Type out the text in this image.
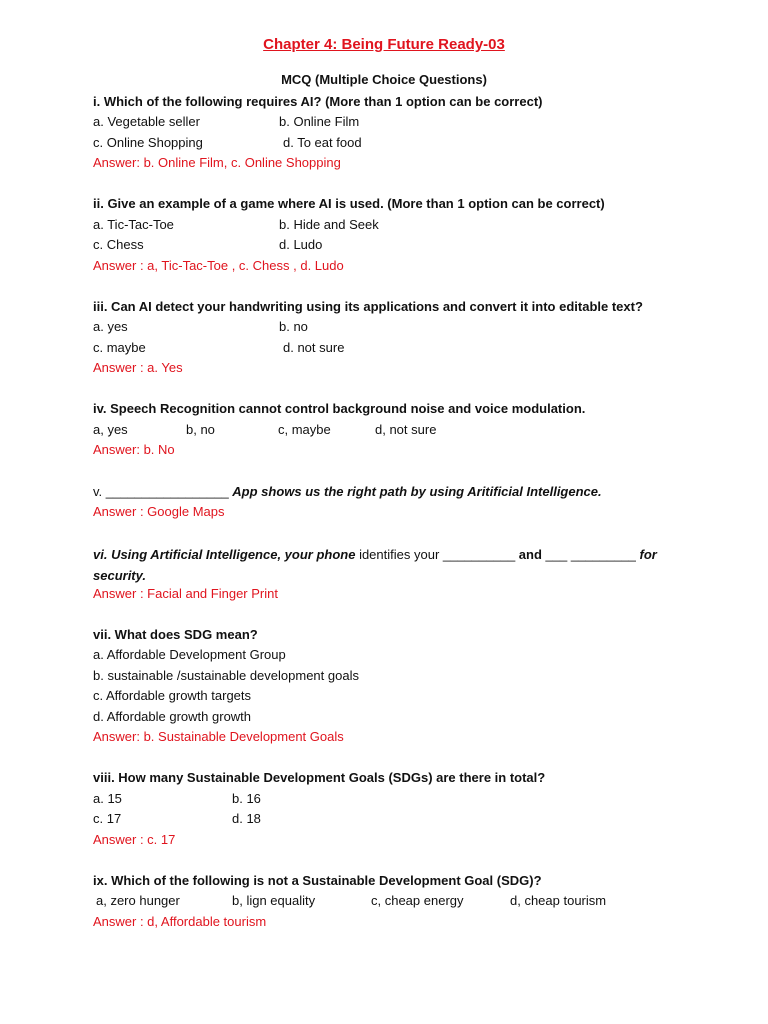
Chapter 4: Being Future Ready-03
MCQ (Multiple Choice Questions)
i. Which of the following requires AI? (More than 1 option can be correct)
a. Vegetable seller	b. Online Film
c. Online Shopping	d. To eat food
Answer: b. Online Film, c. Online Shopping
ii. Give an example of a game where AI is used. (More than 1 option can be correct)
a. Tic-Tac-Toe	b. Hide and Seek
c. Chess	d. Ludo
Answer : a, Tic-Tac-Toe , c. Chess , d. Ludo
iii. Can AI detect your handwriting using its applications and convert it into editable text?
a. yes	b. no
c. maybe	d. not sure
Answer : a. Yes
iv. Speech Recognition cannot control background noise and voice modulation.
a, yes	b, no	c, maybe	d, not sure
Answer: b. No
v. _________________ App shows us the right path by using Aritificial Intelligence.
Answer : Google Maps
vi. Using Artificial Intelligence, your phone identifies your __________ and ___ _________ for security.
Answer : Facial and Finger Print
vii. What does SDG mean?
a. Affordable Development Group
b. sustainable /sustainable development goals
c. Affordable growth targets
d. Affordable growth growth
Answer: b. Sustainable Development Goals
viii. How many Sustainable Development Goals (SDGs) are there in total?
a. 15	b. 16
c. 17	d. 18
Answer : c. 17
ix. Which of the following is not a Sustainable Development Goal (SDG)?
a, zero hunger	b, lign equality	c, cheap energy	d, cheap tourism
Answer : d, Affordable tourism
